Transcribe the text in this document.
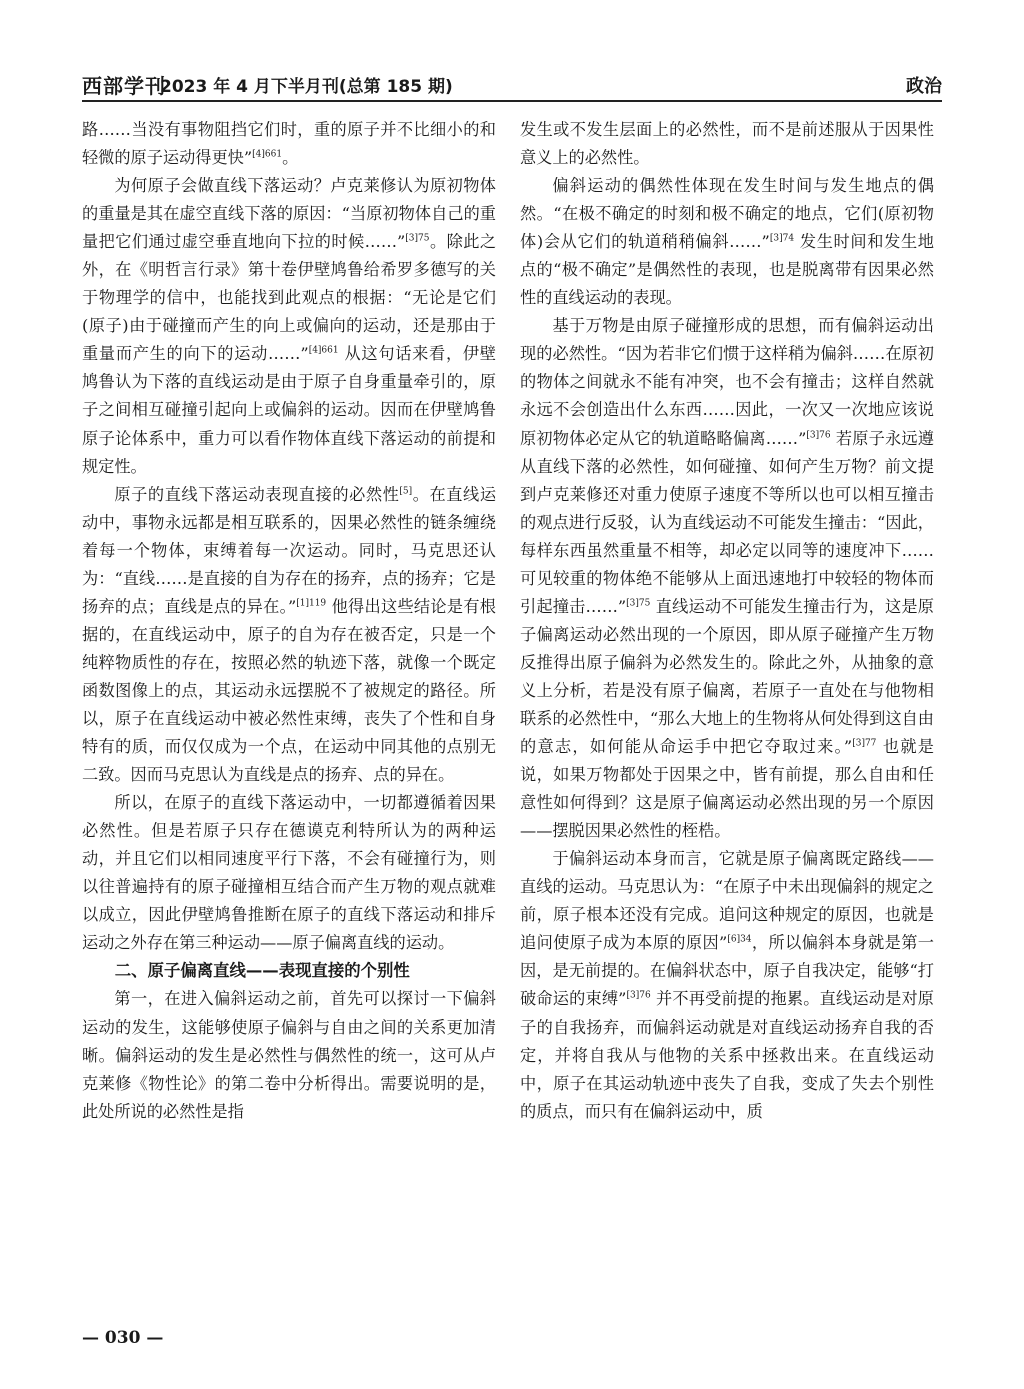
西部学刊
2023 年 4 月下半月刊(总第 185 期)	政治

路……当没有事物阻挡它们时，重的原子并不比细小的和轻微的原子运动得更快”$^{[4]661}$。

为何原子会做直线下落运动？卢克莱修认为原初物体的重量是其在虚空直线下落的原因：“当原初物体自己的重量把它们通过虚空垂直地向下拉的时候……”$^{[3]75}$。除此之外，在《明哲言行录》第十卷伊壁鸠鲁给希罗多德写的关于物理学的信中，也能找到此观点的根据：“无论是它们(原子)由于碰撞而产生的向上或偏向的运动，还是那由于重量而产生的向下的运动……”$^{[4]661}$ 从这句话来看，伊壁鸠鲁认为下落的直线运动是由于原子自身重量牵引的，原子之间相互碰撞引起向上或偏斜的运动。因而在伊壁鸠鲁原子论体系中，重力可以看作物体直线下落运动的前提和规定性。

原子的直线下落运动表现直接的必然性[5]。在直线运动中，事物永远都是相互联系的，因果必然性的链条缠绕着每一个物体，束缚着每一次运动。同时，马克思还认为：“直线……是直接的自为存在的扬弃，点的扬弃；它是扬弃的点；直线是点的异在。”$^{[1]119}$ 他得出这些结论是有根据的，在直线运动中，原子的自为存在被否定，只是一个纯粹物质性的存在，按照必然的轨迹下落，就像一个既定函数图像上的点，其运动永远摆脱不了被规定的路径。所以，原子在直线运动中被必然性束缚，丧失了个性和自身特有的质，而仅仅成为一个点，在运动中同其他的点别无二致。因而马克思认为直线是点的扬弃、点的异在。

所以，在原子的直线下落运动中，一切都遵循着因果必然性。但是若原子只存在德谟克利特所认为的两种运动，并且它们以相同速度平行下落，不会有碰撞行为，则以往普遍持有的原子碰撞相互结合而产生万物的观点就难以成立，因此伊壁鸠鲁推断在原子的直线下落运动和排斥运动之外存在第三种运动——原子偏离直线的运动。

二、原子偏离直线——表现直接的个别性

第一，在进入偏斜运动之前，首先可以探讨一下偏斜运动的发生，这能够使原子偏斜与自由之间的关系更加清晰。偏斜运动的发生是必然性与偶然性的统一，这可从卢克莱修《物性论》的第二卷中分析得出。需要说明的是，此处所说的必然性是指

发生或不发生层面上的必然性，而不是前述服从于因果性意义上的必然性。

偏斜运动的偶然性体现在发生时间与发生地点的偶然。“在极不确定的时刻和极不确定的地点，它们(原初物体)会从它们的轨道稍稍偏斜……”$^{[3]74}$ 发生时间和发生地点的“极不确定”是偶然性的表现，也是脱离带有因果必然性的直线运动的表现。

基于万物是由原子碰撞形成的思想，而有偏斜运动出现的必然性。“因为若非它们惯于这样稍为偏斜……在原初的物体之间就永不能有冲突，也不会有撞击；这样自然就永远不会创造出什么东西……因此，一次又一次地应该说原初物体必定从它的轨道略略偏离……”$^{[3]76}$ 若原子永远遵从直线下落的必然性，如何碰撞、如何产生万物？前文提到卢克莱修还对重力使原子速度不等所以也可以相互撞击的观点进行反驳，认为直线运动不可能发生撞击：“因此，每样东西虽然重量不相等，却必定以同等的速度冲下……可见较重的物体绝不能够从上面迅速地打中较轻的物体而引起撞击……”$^{[3]75}$ 直线运动不可能发生撞击行为，这是原子偏离运动必然出现的一个原因，即从原子碰撞产生万物反推得出原子偏斜为必然发生的。除此之外，从抽象的意义上分析，若是没有原子偏离，若原子一直处在与他物相联系的必然性中，“那么大地上的生物将从何处得到这自由的意志，如何能从命运手中把它夺取过来。”$^{[3]77}$ 也就是说，如果万物都处于因果之中，皆有前提，那么自由和任意性如何得到？这是原子偏离运动必然出现的另一个原因——摆脱因果必然性的桎梏。

于偏斜运动本身而言，它就是原子偏离既定路线——直线的运动。马克思认为：“在原子中未出现偏斜的规定之前，原子根本还没有完成。追问这种规定的原因，也就是追问使原子成为本原的原因”$^{[6]34}$，所以偏斜本身就是第一因，是无前提的。在偏斜状态中，原子自我决定，能够“打破命运的束缚”$^{[3]76}$ 并不再受前提的拖累。直线运动是对原子的自我扬弃，而偏斜运动就是对直线运动扬弃自我的否定，并将自我从与他物的关系中拯救出来。在直线运动中，原子在其运动轨迹中丧失了自我，变成了失去个别性的质点，而只有在偏斜运动中，质

— 030 —
